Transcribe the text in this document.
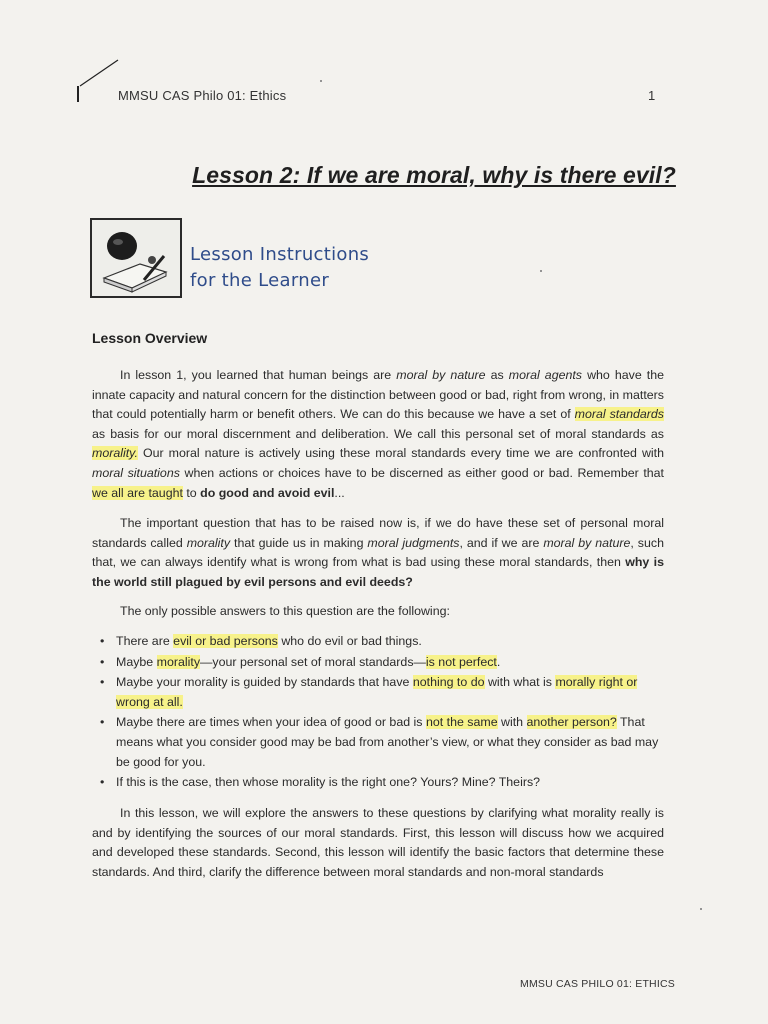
MMSU CAS Philo 01: Ethics	1
Lesson 2: If we are moral, why is there evil?
Lesson Instructions
for the Learner
Lesson Overview
In lesson 1, you learned that human beings are moral by nature as moral agents who have the innate capacity and natural concern for the distinction between good or bad, right from wrong, in matters that could potentially harm or benefit others. We can do this because we have a set of moral standards as basis for our moral discernment and deliberation. We call this personal set of moral standards as morality. Our moral nature is actively using these moral standards every time we are confronted with moral situations when actions or choices have to be discerned as either good or bad. Remember that we all are taught to do good and avoid evil...
The important question that has to be raised now is, if we do have these set of personal moral standards called morality that guide us in making moral judgments, and if we are moral by nature, such that, we can always identify what is wrong from what is bad using these moral standards, then why is the world still plagued by evil persons and evil deeds?
The only possible answers to this question are the following:
• There are evil or bad persons who do evil or bad things.
• Maybe morality—your personal set of moral standards—is not perfect.
• Maybe your morality is guided by standards that have nothing to do with what is morally right or wrong at all.
• Maybe there are times when your idea of good or bad is not the same with another person? That means what you consider good may be bad from another’s view, or what they consider as bad may be good for you.
• If this is the case, then whose morality is the right one? Yours? Mine? Theirs?
In this lesson, we will explore the answers to these questions by clarifying what morality really is and by identifying the sources of our moral standards. First, this lesson will discuss how we acquired and developed these standards. Second, this lesson will identify the basic factors that determine these standards. And third, clarify the difference between moral standards and non-moral standards
MMSU CAS PHILO 01: ETHICS
